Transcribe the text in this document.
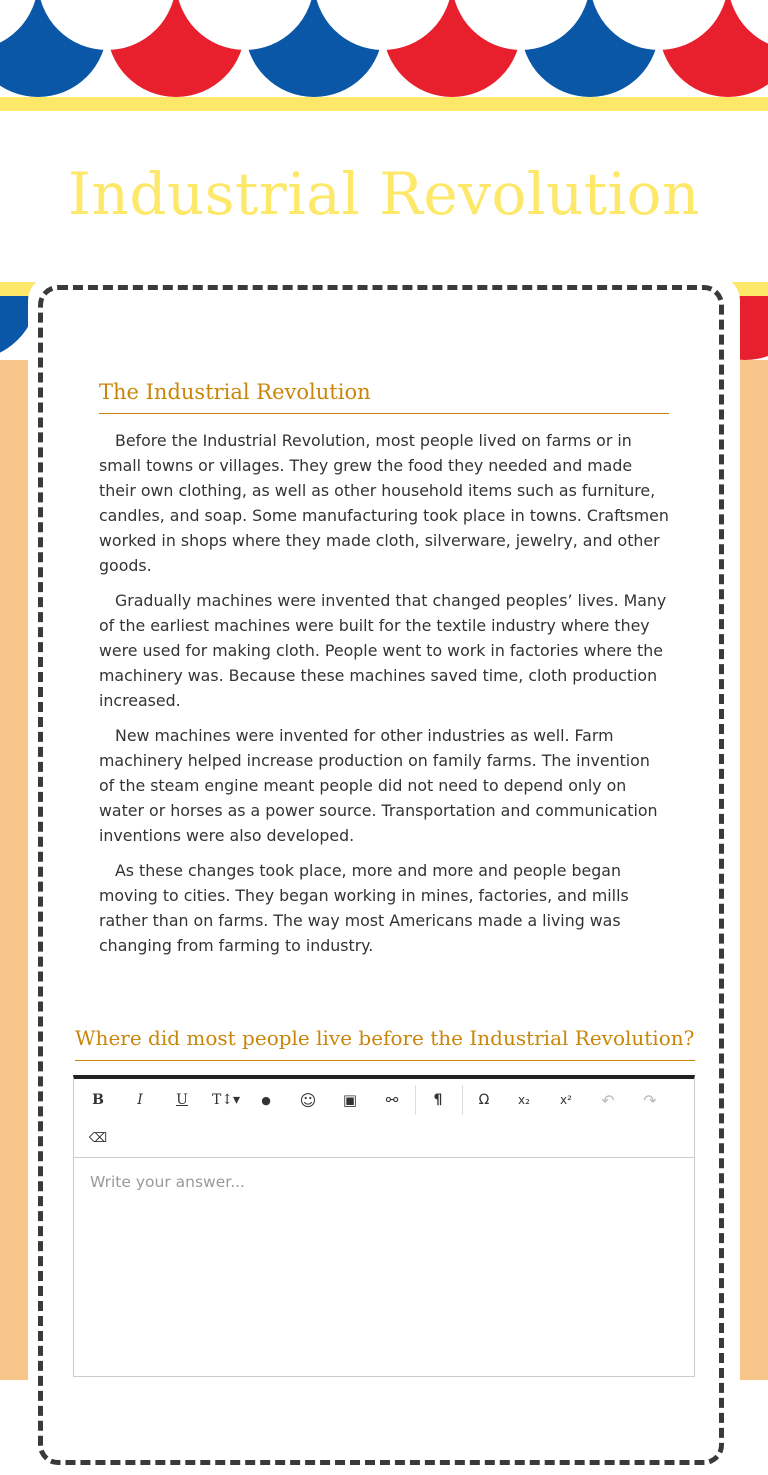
Industrial Revolution
The Industrial Revolution

Before the Industrial Revolution, most people lived on farms or in small towns or villages. They grew the food they needed and made their own clothing, as well as other household items such as furniture, candles, and soap. Some manufacturing took place in towns. Craftsmen worked in shops where they made cloth, silverware, jewelry, and other goods.

Gradually machines were invented that changed peoples’ lives. Many of the earliest machines were built for the textile industry where they were used for making cloth. People went to work in factories where the machinery was. Because these machines saved time, cloth production increased.

New machines were invented for other industries as well. Farm machinery helped increase production on family farms. The invention of the steam engine meant people did not need to depend only on water or horses as a power source. Transportation and communication inventions were also developed.

As these changes took place, more and more and people began moving to cities. They began working in mines, factories, and mills rather than on farms. The way most Americans made a living was changing from farming to industry.

Where did most people live before the Industrial Revolution?
B	I	U	T↕▾	●	☺	▣	⚯	¶	Ω	x₂	x²	↶	↷
⌫
Write your answer...
